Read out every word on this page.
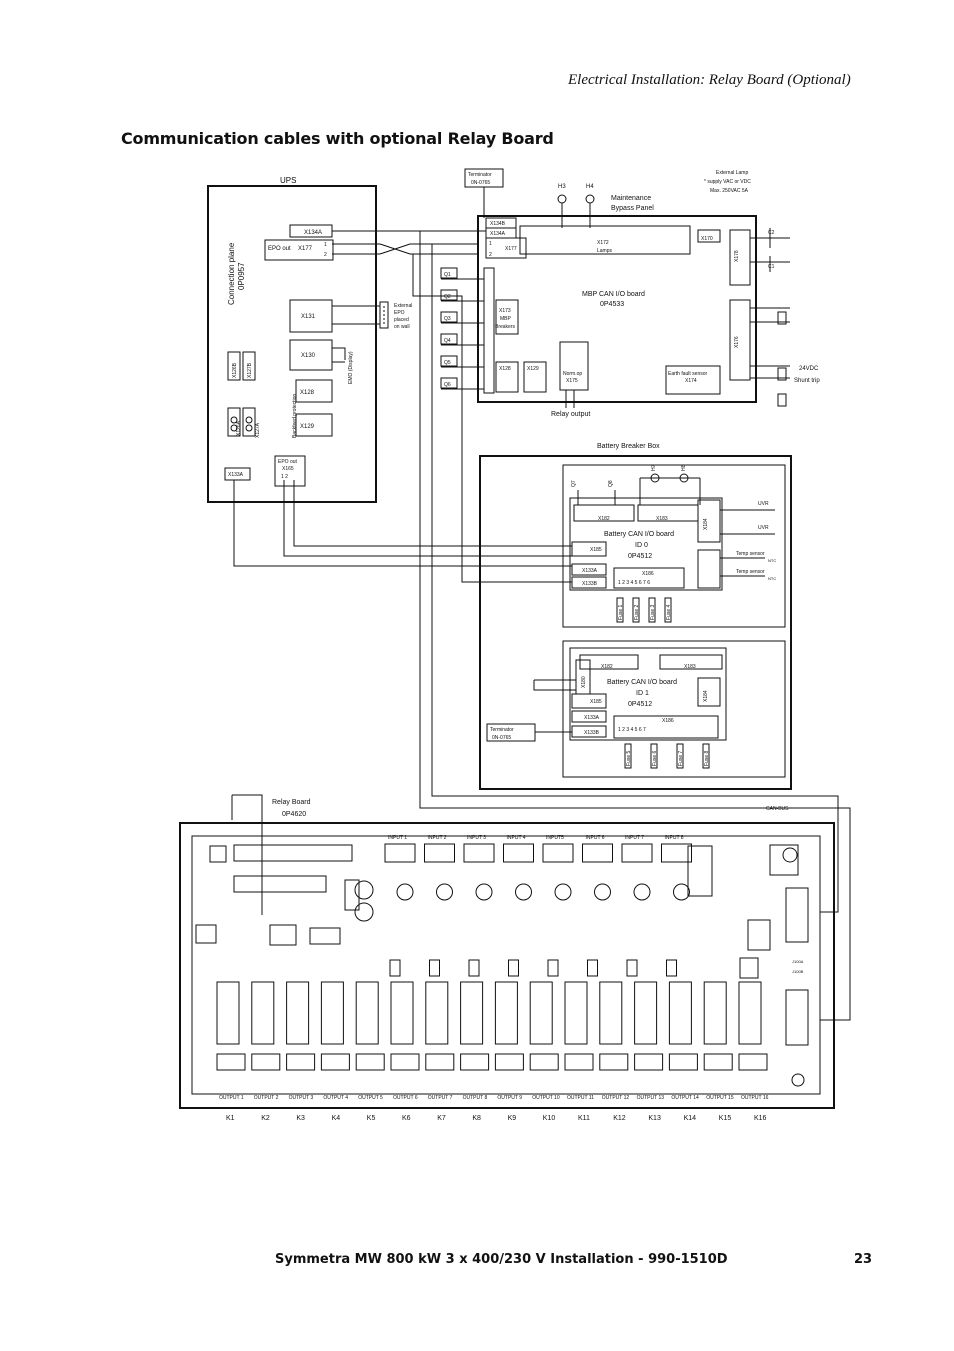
Electrical Installation: Relay Board (Optional)
Communication cables with optional Relay Board
UPS
Connection plane 0P0957
X134A
EPO out X177
1
2
X131
X130
X126B X127B
X126A	X127A
X128
X129
Backfeed protection
EPO out
X165
1 2
X133A
External
EPO
placed
on wall
EMO (Display)
Terminator
0N-0765
External Lamp
* supply VAC or VDC
Max. 250VAC 5A
H3	H4
Maintenance
Bypass Panel
X134B
X134A
X177
1
2
X172
Lamps
X170
C2
C1
X178
X176
MBP CAN I/O board
0P4533
X173
MBP
Breakers
X128	X129
Norm.op
X175
Earth fault sensor
X174
Relay output
24VDC
Shunt trip
Q1
Q2
Q3
Q4
Q5
Q6
Battery Breaker Box
X182	X183
Battery CAN I/O board
ID 0
0P4512
X185
X133A
X133B
X186
1 2 3 4 5 6 7 6
X184
UVR
UVR
Temp sensor
Temp sensor
NTC
NTC
Q7	Q8
H7	H8
Fuse 1 Fuse 2 Fuse 3 Fuse 4
X182	X183
X180	Battery CAN I/O board
ID 1
0P4512
X185
X133A
X133B
X186
1 2 3 4 5 6 7
X184
Fuse 5	Fuse 6	Fuse 7	Fuse 8
Terminator
0N-0765
Relay Board
0P4620
CAN-BUS
J100A
J100B
INPUT 1	INPUT 2	INPUT 3	INPUT 4	INPUT5	INPUT 6	INPUT 7	INPUT 8
OUTPUT 1 OUTPUT 2 OUTPUT 3 OUTPUT 4 OUTPUT 5 OUTPUT 6 OUTPUT 7 OUTPUT 8 OUTPUT 9 OUTPUT 10 OUTPUT 11 OUTPUT 12 OUTPUT 13 OUTPUT 14 OUTPUT 15 OUTPUT 16
K1	K2	K3	K4	K5	K6	K7	K8	K9	K10	K11	K12	K13	K14	K15	K16
Symmetra MW 800 kW 3 x 400/230 V Installation - 990-1510D	23
